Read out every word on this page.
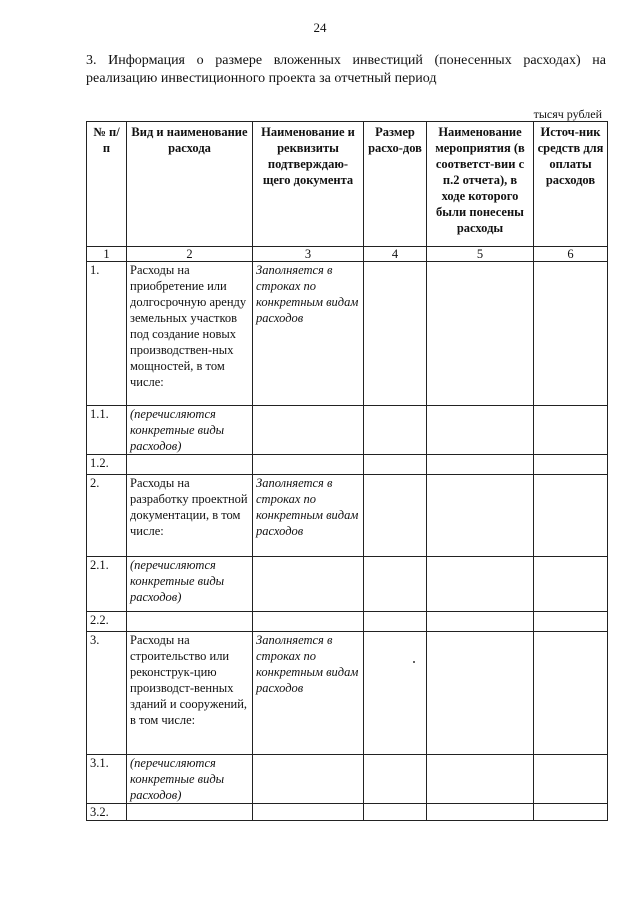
24
3. Информация о размере вложенных инвестиций (понесенных расходах) на
реализацию инвестиционного проекта за отчетный период
тысяч рублей
№ п/п	Вид и наименование расхода	Наименование и реквизиты подтверждаю-щего документа	Размер расхо-дов	Наименование мероприятия (в соответст-вии с п.2 отчета), в ходе которого были понесены расходы	Источ-ник средств для оплаты расходов
1	2	3	4	5	6
1.	Расходы на приобретение или долгосрочную аренду земельных участков под создание новых производствен-ных мощностей, в том числе:	Заполняется в строках по конкретным видам расходов			
1.1.	(перечисляются конкретные виды расходов)				
1.2.					
2.	Расходы на разработку проектной документации, в том числе:	Заполняется в строках по конкретным видам расходов			
2.1.	(перечисляются конкретные виды расходов)				
2.2.					
3.	Расходы на строительство или реконструк-цию производст-венных зданий и сооружений, в том числе:	Заполняется в строках по конкретным видам расходов			
3.1.	(перечисляются конкретные виды расходов)				
3.2.					
